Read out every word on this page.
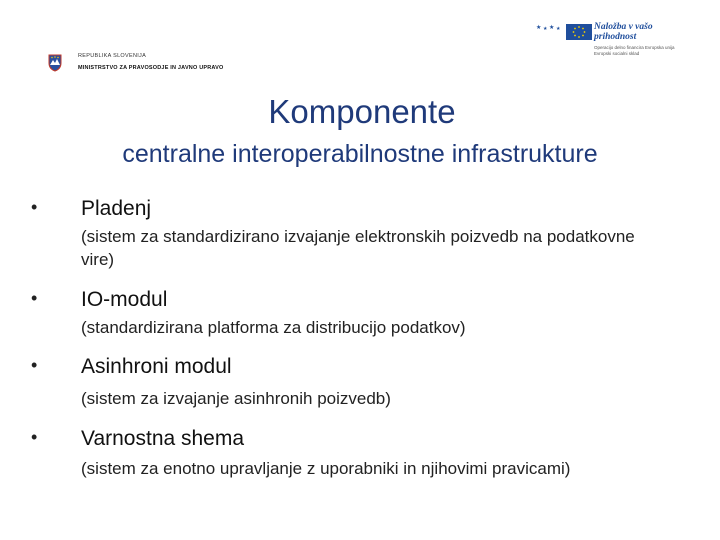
REPUBLIKA SLOVENIJA
MINISTRSTVO ZA PRAVOSODJE IN JAVNO UPRAVO
★ ★ ★ ★	Naložba v vašo prihodnost
Operacijo delno financira Evropska unija
Evropski socialni sklad
Komponente
centralne interoperabilnostne infrastrukture
• Pladenj
(sistem za standardizirano izvajanje elektronskih poizvedb na podatkovne vire)
• IO-modul
(standardizirana platforma za distribucijo podatkov)
• Asinhroni modul
(sistem za izvajanje asinhronih poizvedb)
• Varnostna shema
(sistem za enotno upravljanje z uporabniki in njihovimi pravicami)
